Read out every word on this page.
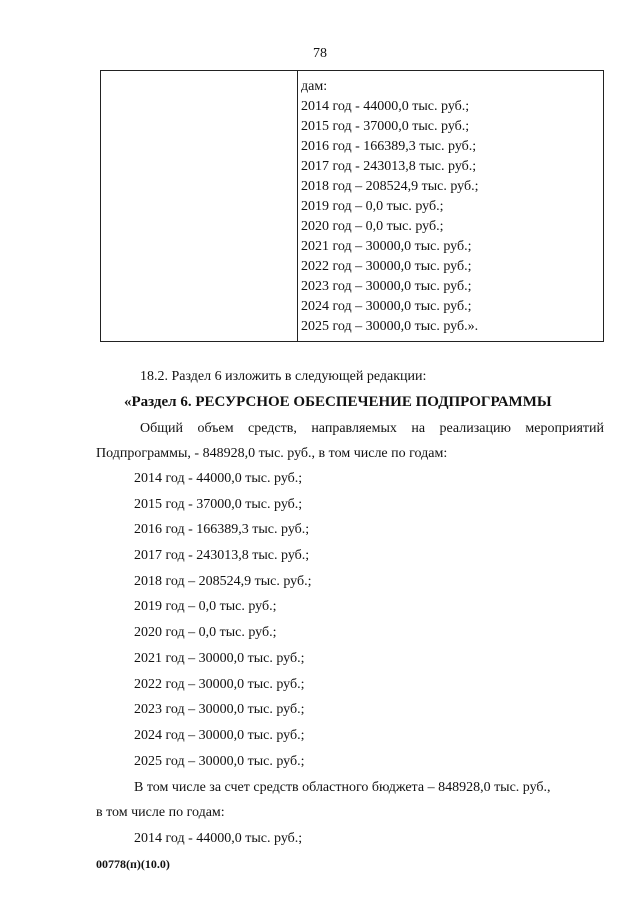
78
дам:
2014 год - 44000,0 тыс. руб.;
2015 год - 37000,0 тыс. руб.;
2016 год - 166389,3 тыс. руб.;
2017 год - 243013,8 тыс. руб.;
2018 год – 208524,9 тыс. руб.;
2019 год – 0,0 тыс. руб.;
2020 год – 0,0 тыс. руб.;
2021 год – 30000,0 тыс. руб.;
2022 год – 30000,0 тыс. руб.;
2023 год – 30000,0 тыс. руб.;
2024 год – 30000,0 тыс. руб.;
2025 год – 30000,0 тыс. руб.».
18.2. Раздел 6 изложить в следующей редакции:
«Раздел 6. РЕСУРСНОЕ ОБЕСПЕЧЕНИЕ ПОДПРОГРАММЫ
Общий объем средств, направляемых на реализацию мероприятий
Подпрограммы, - 848928,0 тыс. руб., в том числе по годам:
2014 год - 44000,0 тыс. руб.;
2015 год - 37000,0 тыс. руб.;
2016 год - 166389,3 тыс. руб.;
2017 год - 243013,8 тыс. руб.;
2018 год – 208524,9 тыс. руб.;
2019 год – 0,0 тыс. руб.;
2020 год – 0,0 тыс. руб.;
2021 год – 30000,0 тыс. руб.;
2022 год – 30000,0 тыс. руб.;
2023 год – 30000,0 тыс. руб.;
2024 год – 30000,0 тыс. руб.;
2025 год – 30000,0 тыс. руб.;
В том числе за счет средств областного бюджета – 848928,0 тыс. руб.,
в том числе по годам:
2014 год - 44000,0 тыс. руб.;
00778(п)(10.0)
